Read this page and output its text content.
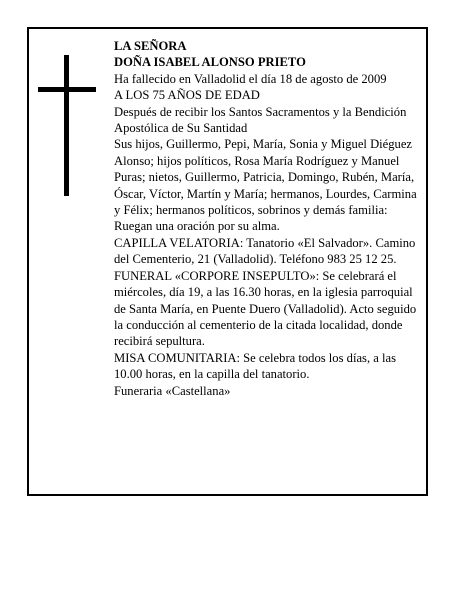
LA SEÑORA

DOÑA ISABEL ALONSO PRIETO

Ha fallecido en Valladolid el día 18 de agosto de 2009

A LOS 75 AÑOS DE EDAD

Después de recibir los Santos Sacramentos y la Bendición Apostólica de Su Santidad

Sus hijos, Guillermo, Pepi, María, Sonia y Miguel Diéguez Alonso; hijos políticos, Rosa María Rodríguez y Manuel Puras; nietos, Guillermo, Patricia, Domingo, Rubén, María, Óscar, Víctor, Martín y María; hermanos, Lourdes, Carmina y Félix; hermanos políticos, sobrinos y demás familia:

Ruegan una oración por su alma.

CAPILLA VELATORIA: Tanatorio «El Salvador». Camino del Cementerio, 21 (Valladolid). Teléfono 983 25 12 25.

FUNERAL «CORPORE INSEPULTO»: Se celebrará el miércoles, día 19, a las 16.30 horas, en la iglesia parroquial de Santa María, en Puente Duero (Valladolid). Acto seguido la conducción al cementerio de la citada localidad, donde recibirá sepultura.

MISA COMUNITARIA: Se celebra todos los días, a las 10.00 horas, en la capilla del tanatorio.

Funeraria «Castellana»
